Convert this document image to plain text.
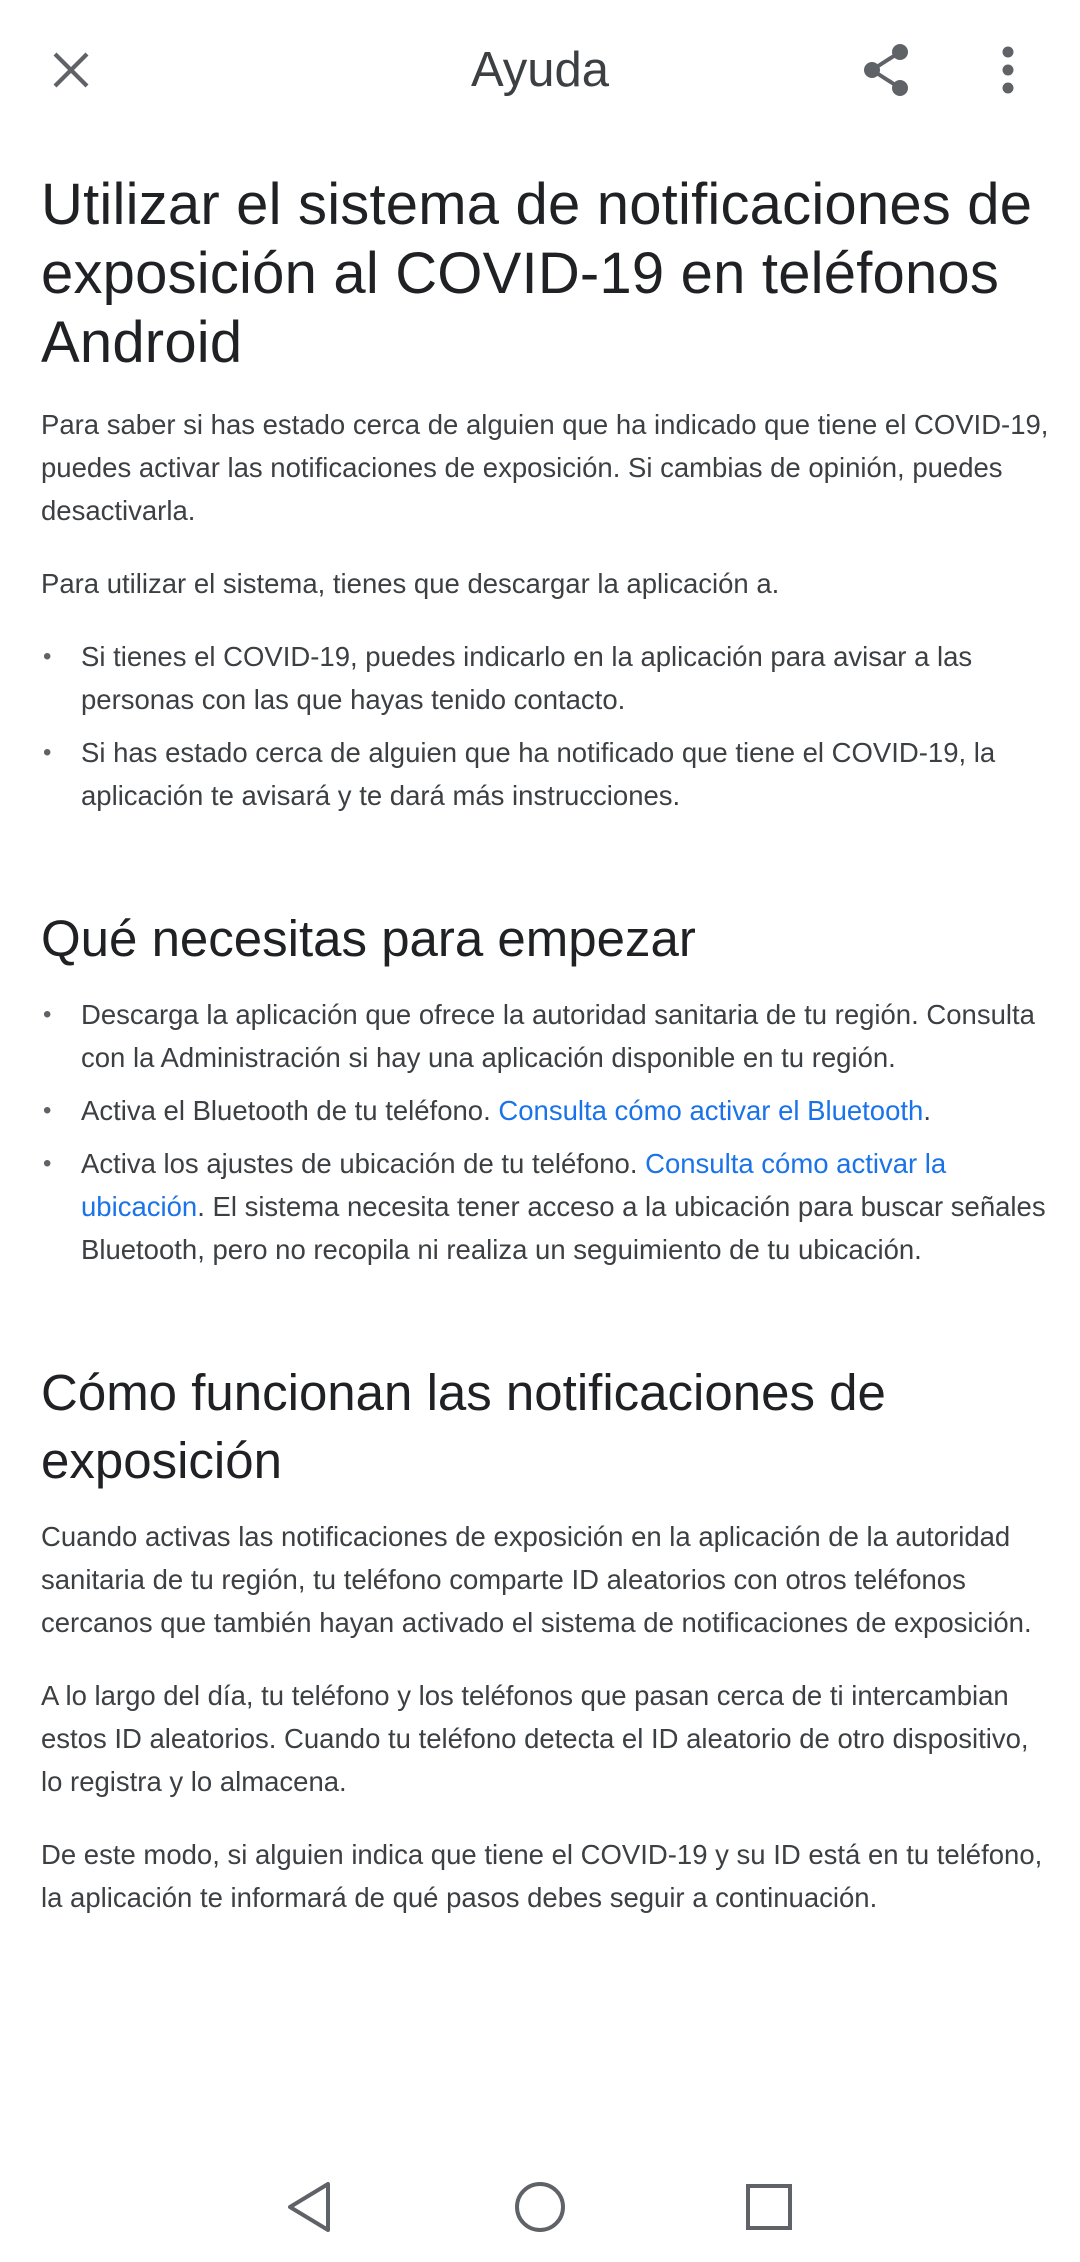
Ayuda
Utilizar el sistema de notificaciones de exposición al COVID-19 en teléfonos Android

Para saber si has estado cerca de alguien que ha indicado que tiene el COVID-19, puedes activar las notificaciones de exposición. Si cambias de opinión, puedes desactivarla.

Para utilizar el sistema, tienes que descargar la aplicación a.

• Si tienes el COVID-19, puedes indicarlo en la aplicación para avisar a las personas con las que hayas tenido contacto.
• Si has estado cerca de alguien que ha notificado que tiene el COVID-19, la aplicación te avisará y te dará más instrucciones.
Qué necesitas para empezar
• Descarga la aplicación que ofrece la autoridad sanitaria de tu región. Consulta con la Administración si hay una aplicación disponible en tu región.
• Activa el Bluetooth de tu teléfono. Consulta cómo activar el Bluetooth.
• Activa los ajustes de ubicación de tu teléfono. Consulta cómo activar la ubicación. El sistema necesita tener acceso a la ubicación para buscar señales Bluetooth, pero no recopila ni realiza un seguimiento de tu ubicación.
Cómo funcionan las notificaciones de exposición

Cuando activas las notificaciones de exposición en la aplicación de la autoridad sanitaria de tu región, tu teléfono comparte ID aleatorios con otros teléfonos cercanos que también hayan activado el sistema de notificaciones de exposición.

A lo largo del día, tu teléfono y los teléfonos que pasan cerca de ti intercambian estos ID aleatorios. Cuando tu teléfono detecta el ID aleatorio de otro dispositivo, lo registra y lo almacena.

De este modo, si alguien indica que tiene el COVID-19 y su ID está en tu teléfono, la aplicación te informará de qué pasos debes seguir a continuación.
